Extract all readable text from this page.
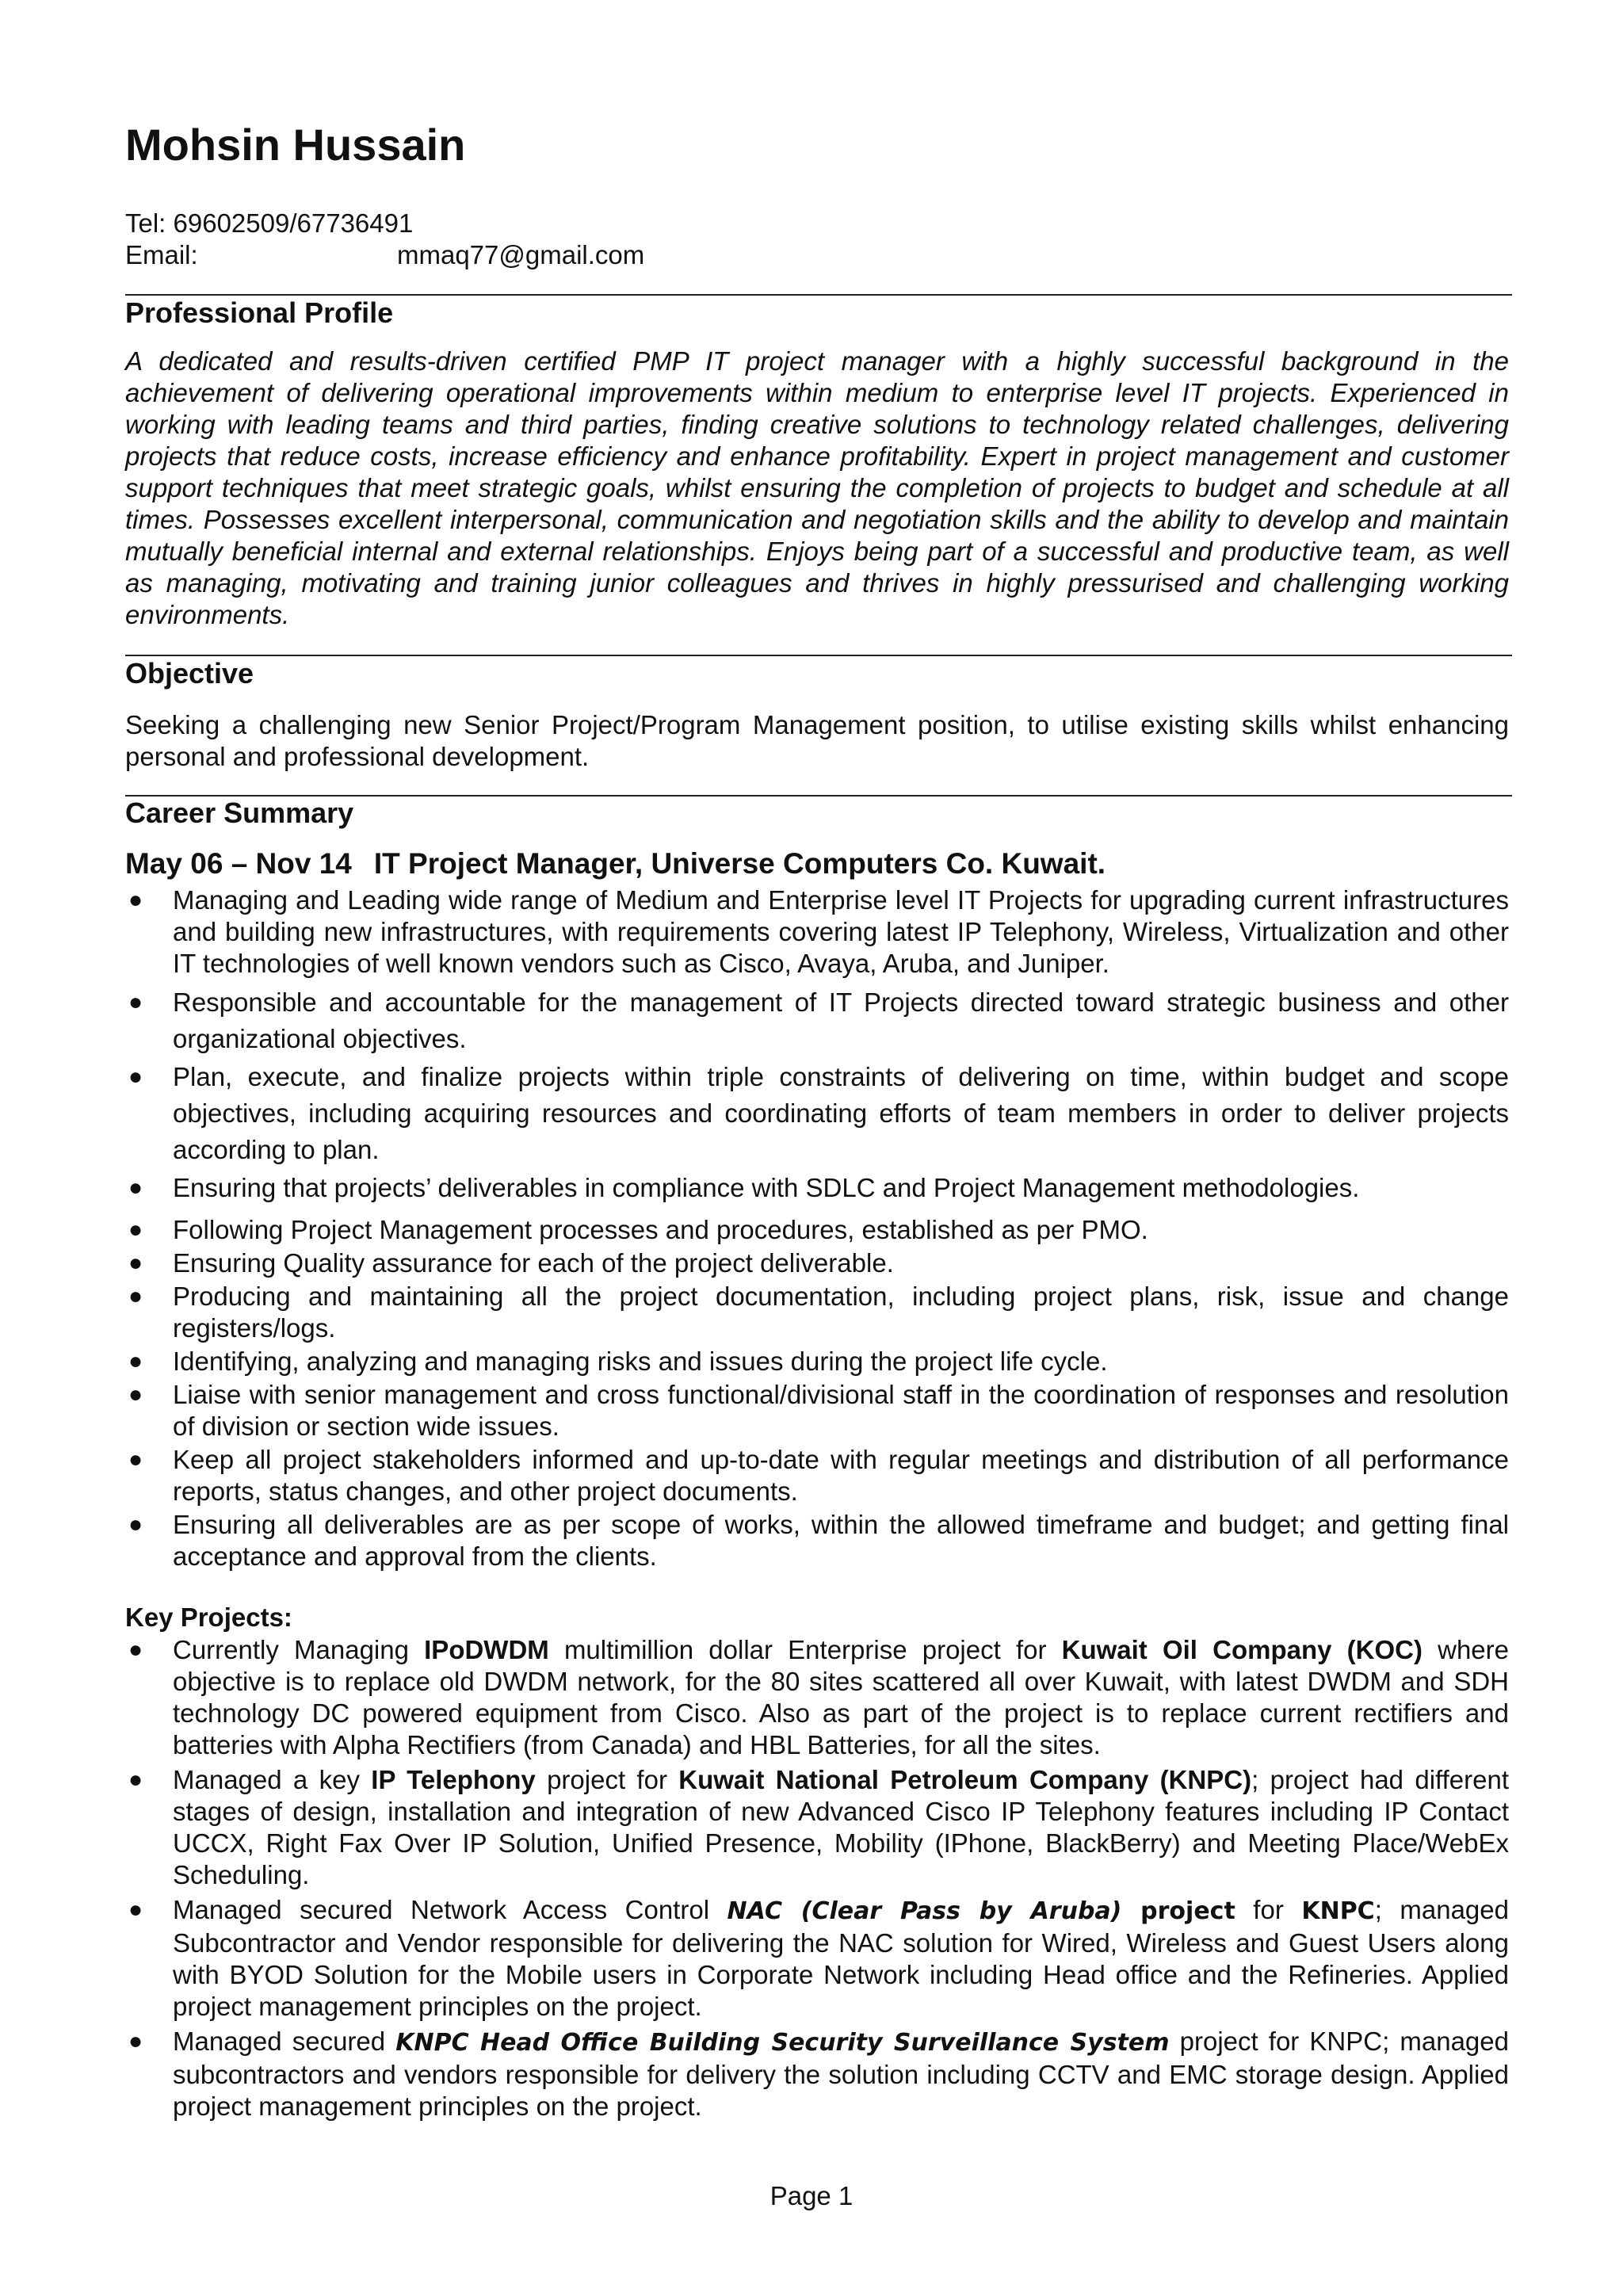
Mohsin Hussain
Tel: 69602509/67736491
Email:	mmaq77@gmail.com
Professional Profile
A dedicated and results-driven certified PMP IT project manager with a highly successful background in the achievement of delivering operational improvements within medium to enterprise level IT projects. Experienced in working with leading teams and third parties, finding creative solutions to technology related challenges, delivering projects that reduce costs, increase efficiency and enhance profitability. Expert in project management and customer support techniques that meet strategic goals, whilst ensuring the completion of projects to budget and schedule at all times. Possesses excellent interpersonal, communication and negotiation skills and the ability to develop and maintain mutually beneficial internal and external relationships. Enjoys being part of a successful and productive team, as well as managing, motivating and training junior colleagues and thrives in highly pressurised and challenging working environments.
Objective
Seeking a challenging new Senior Project/Program Management position, to utilise existing skills whilst enhancing personal and professional development.
Career Summary
May 06 – Nov 14 IT Project Manager, Universe Computers Co. Kuwait.
● Managing and Leading wide range of Medium and Enterprise level IT Projects for upgrading current infrastructures and building new infrastructures, with requirements covering latest IP Telephony, Wireless, Virtualization and other IT technologies of well known vendors such as Cisco, Avaya, Aruba, and Juniper.
● Responsible and accountable for the management of IT Projects directed toward strategic business and other organizational objectives.
● Plan, execute, and finalize projects within triple constraints of delivering on time, within budget and scope objectives, including acquiring resources and coordinating efforts of team members in order to deliver projects according to plan.
● Ensuring that projects’ deliverables in compliance with SDLC and Project Management methodologies.
● Following Project Management processes and procedures, established as per PMO.
● Ensuring Quality assurance for each of the project deliverable.
● Producing and maintaining all the project documentation, including project plans, risk, issue and change registers/logs.
● Identifying, analyzing and managing risks and issues during the project life cycle.
● Liaise with senior management and cross functional/divisional staff in the coordination of responses and resolution of division or section wide issues.
● Keep all project stakeholders informed and up-to-date with regular meetings and distribution of all performance reports, status changes, and other project documents.
● Ensuring all deliverables are as per scope of works, within the allowed timeframe and budget; and getting final acceptance and approval from the clients.
Key Projects:
● Currently Managing IPoDWDM multimillion dollar Enterprise project for Kuwait Oil Company (KOC) where objective is to replace old DWDM network, for the 80 sites scattered all over Kuwait, with latest DWDM and SDH technology DC powered equipment from Cisco. Also as part of the project is to replace current rectifiers and batteries with Alpha Rectifiers (from Canada) and HBL Batteries, for all the sites.
● Managed a key IP Telephony project for Kuwait National Petroleum Company (KNPC); project had different stages of design, installation and integration of new Advanced Cisco IP Telephony features including IP Contact UCCX, Right Fax Over IP Solution, Unified Presence, Mobility (IPhone, BlackBerry) and Meeting Place/WebEx Scheduling.
● Managed secured Network Access Control NAC (Clear Pass by Aruba) project for KNPC; managed Subcontractor and Vendor responsible for delivering the NAC solution for Wired, Wireless and Guest Users along with BYOD Solution for the Mobile users in Corporate Network including Head office and the Refineries. Applied project management principles on the project.
● Managed secured KNPC Head Office Building Security Surveillance System project for KNPC; managed subcontractors and vendors responsible for delivery the solution including CCTV and EMC storage design. Applied project management principles on the project.
Page 1
